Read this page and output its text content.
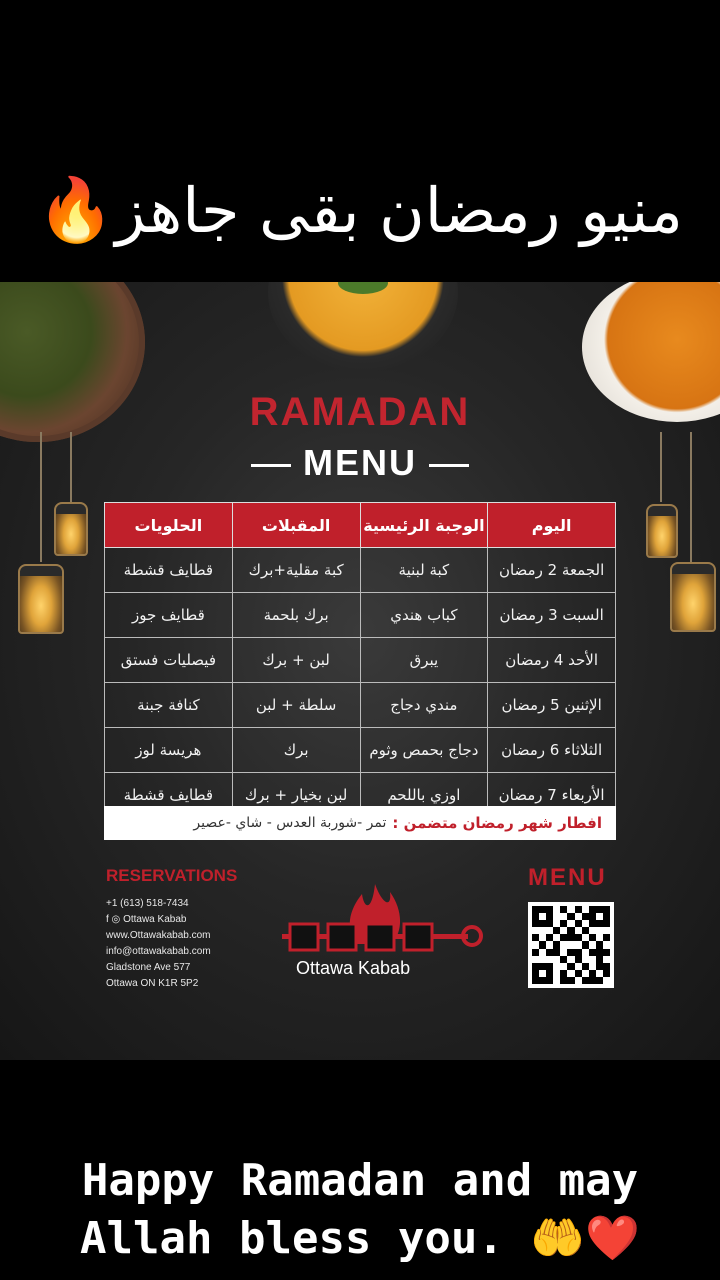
منيو رمضان بقى جاهز
🔥
RAMADAN
MENU
اليوم	الوجبة الرئيسية	المقبلات	الحلويات
الجمعة 2 رمضان	كبة لبنية	كبة مقلية+برك	قطايف قشطة
السبت 3 رمضان	كباب هندي	برك بلحمة	قطايف جوز
الأحد 4 رمضان	يبرق	لبن + برك	فيصليات فستق
الإثنين 5 رمضان	مندي دجاج	سلطة + لبن	كنافة جبنة
الثلاثاء 6 رمضان	دجاج بحمص وثوم	برك	هريسة لوز
الأربعاء 7 رمضان	اوزي باللحم	لبن بخيار + برك	قطايف قشطة
افطار شهر رمضان متضمن :
تمر -شوربة العدس - شاي -عصير
RESERVATIONS
+1 (613) 518-7434
f ◎ Ottawa Kabab
www.Ottawakabab.com
info@ottawakabab.com
Gladstone Ave 577
Ottawa ON K1R 5P2
Ottawa Kabab
MENU
Happy Ramadan and may
Allah bless you. 🤲❤️
